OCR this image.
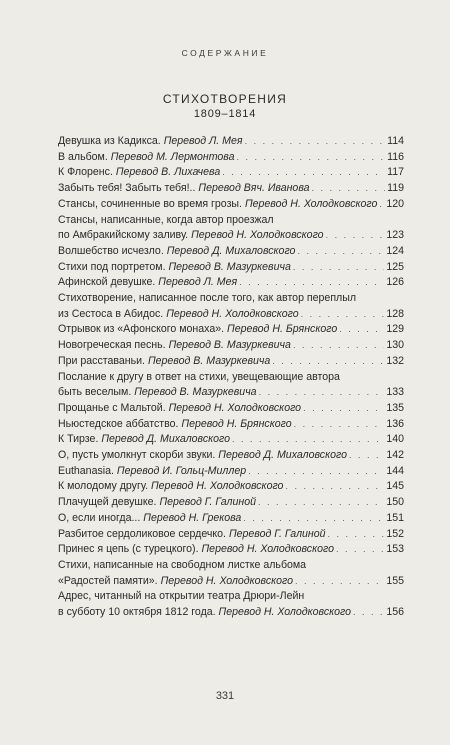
СОДЕРЖАНИЕ
СТИХОТВОРЕНИЯ
1809–1814
Девушка из Кадикса. Перевод Л. Мея . . .	114
В альбом. Перевод М. Лермонтова . . .	116
К Флоренс. Перевод В. Лихачева . . .	117
Забыть тебя! Забыть тебя!.. Перевод Вяч. Иванова . . .	119
Стансы, сочиненные во время грозы. Перевод Н. Холодковского . . . 120
Стансы, написанные, когда автор проезжал
по Амбракийскому заливу. Перевод Н. Холодковского . . .	123
Волшебство исчезло. Перевод Д. Михаловского . . .	124
Стихи под портретом. Перевод В. Мазуркевича . . .	125
Афинской девушке. Перевод Л. Мея . . .	126
Стихотворение, написанное после того, как автор переплыл
из Сестоса в Абидос. Перевод Н. Холодковского . . .	128
Отрывок из «Афонского монаха». Перевод Н. Брянского . . .	129
Новогреческая песнь. Перевод В. Мазуркевича . . .	130
При расставаньи. Перевод В. Мазуркевича . . .	132
Послание к другу в ответ на стихи, увещевающие автора
быть веселым. Перевод В. Мазуркевича . . .	133
Прощанье с Мальтой. Перевод Н. Холодковского . . .	135
Ньюстедское аббатство. Перевод Н. Брянского . . .	136
К Тирзе. Перевод Д. Михаловского . . .	140
О, пусть умолкнут скорби звуки. Перевод Д. Михаловского . . .	142
Euthanasia. Перевод И. Гольц-Миллер . . .	144
К молодому другу. Перевод Н. Холодковского . . .	145
Плачущей девушке. Перевод Г. Галиной . . .	150
О, если иногда... Перевод Н. Грекова . . .	151
Разбитое сердоликовое сердечко. Перевод Г. Галиной . . .	152
Принес я цепь (с турецкого). Перевод Н. Холодковского . . .	153
Стихи, написанные на свободном листке альбома
«Радостей памяти». Перевод Н. Холодковского . . .	155
Адрес, читанный на открытии театра Дрюри-Лейн
в субботу 10 октября 1812 года. Перевод Н. Холодковского . . .	156
331
